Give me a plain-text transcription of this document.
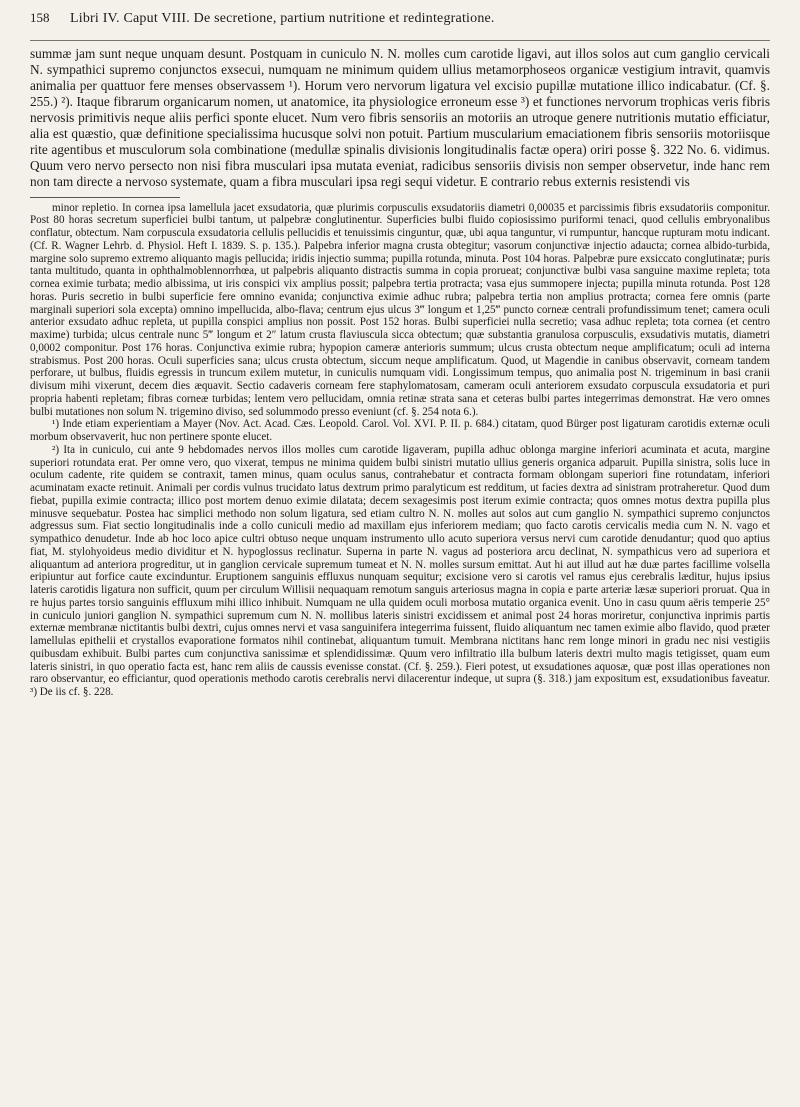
158	Libri IV. Caput VIII. De secretione, partium nutritione et redintegratione.

summæ jam sunt neque unquam desunt. Postquam in cuniculo N. N. molles cum carotide ligavi, aut illos solos aut cum ganglio cervicali N. sympathici supremo conjunctos exsecui, numquam ne minimum quidem ullius metamorphoseos organicæ vestigium intravit, quamvis animalia per quattuor fere menses observassem ¹). Horum vero nervorum ligatura vel excisio pupillæ mutatione illico indicabatur. (Cf. §. 255.) ²). Itaque fibrarum organicarum nomen, ut anatomice, ita physiologice erroneum esse ³) et functiones nervorum trophicas veris fibris nervosis primitivis neque aliis perfici sponte elucet. Num vero fibris sensoriis an motoriis an utroque genere nutritionis mutatio efficiatur, alia est quæstio, quæ definitione specialissima hucusque solvi non potuit. Partium muscularium emaciationem fibris sensoriis motoriisque rite agentibus et musculorum sola combinatione (medullæ spinalis divisionis longitudinalis factæ opera) oriri posse §. 322 No. 6. vidimus. Quum vero nervo persecto non nisi fibra musculari ipsa mutata eveniat, radicibus sensoriis divisis non semper observetur, inde hanc rem non tam directe a nervoso systemate, quam a fibra musculari ipsa regi sequi videtur. E contrario rebus externis resistendi vis

minor repletio. In cornea ipsa lamellula jacet exsudatoria, quæ plurimis corpusculis exsudatoriis diametri 0,00035 et parcissimis fibris exsudatoriis componitur. Post 80 horas secretum superficiei bulbi tantum, ut palpebræ conglutinentur. Superficies bulbi fluido copiosissimo puriformi tenaci, quod cellulis embryonalibus conflatur, obtectum. Nam corpuscula exsudatoria cellulis pellucidis et tenuissimis cinguntur, quæ, ubi aqua tanguntur, vi rumpuntur, hancque rupturam motu indicant. (Cf. R. Wagner Lehrb. d. Physiol. Heft I. 1839. S. p. 135.). Palpebra inferior magna crusta obtegitur; vasorum conjunctivæ injectio adaucta; cornea albido-turbida, margine solo supremo extremo aliquanto magis pellucida; iridis injectio summa; pupilla rotunda, minuta. Post 104 horas. Palpebræ pure exsiccato conglutinatæ; puris tanta multitudo, quanta in ophthalmoblennorrhœa, ut palpebris aliquanto distractis summa in copia prorueat; conjunctivæ bulbi vasa sanguine maxime repleta; tota cornea eximie turbata; medio albissima, ut iris conspici vix amplius possit; palpebra tertia protracta; vasa ejus summopere injecta; pupilla minuta rotunda. Post 128 horas. Puris secretio in bulbi superficie fere omnino evanida; conjunctiva eximie adhuc rubra; palpebra tertia non amplius protracta; cornea fere omnis (parte marginali superiori sola excepta) omnino impellucida, albo-flava; centrum ejus ulcus 3‴ longum et 1,25‴ puncto corneæ centrali profundissimum tenet; camera oculi anterior exsudato adhuc repleta, ut pupilla conspici amplius non possit. Post 152 horas. Bulbi superficiei nulla secretio; vasa adhuc repleta; tota cornea (et centro maxime) turbida; ulcus centrale nunc 5‴ longum et 2″ latum crusta flaviuscula sicca obtectum; quæ substantia granulosa corpusculis, exsudativis mutatis, diametri 0,0002 componitur. Post 176 horas. Conjunctiva eximie rubra; hypopion cameræ anterioris summum; ulcus crusta obtectum neque amplificatum; oculi ad interna strabismus. Post 200 horas. Oculi superficies sana; ulcus crusta obtectum, siccum neque amplificatum. Quod, ut Magendie in canibus observavit, corneam tandem perforare, ut bulbus, fluidis egressis in truncum exilem mutetur, in cuniculis numquam vidi. Longissimum tempus, quo animalia post N. trigeminum in basi cranii divisum mihi vixerunt, decem dies æquavit. Sectio cadaveris corneam fere staphylomatosam, cameram oculi anteriorem exsudato corpuscula exsudatoria et puri propria habenti repletam; fibras corneæ turbidas; lentem vero pellucidam, omnia retinæ strata sana et ceteras bulbi partes integerrimas demonstrat. Hæ vero omnes bulbi mutationes non solum N. trigemino diviso, sed solummodo presso eveniunt (cf. §. 254 nota 6.).

¹) Inde etiam experientiam a Mayer (Nov. Act. Acad. Cæs. Leopold. Carol. Vol. XVI. P. II. p. 684.) citatam, quod Bürger post ligaturam carotidis externæ oculi morbum observaverit, huc non pertinere sponte elucet.

²) Ita in cuniculo, cui ante 9 hebdomades nervos illos molles cum carotide ligaveram, pupilla adhuc oblonga margine inferiori acuminata et acuta, margine superiori rotundata erat. Per omne vero, quo vixerat, tempus ne minima quidem bulbi sinistri mutatio ullius generis organica adparuit. Pupilla sinistra, solis luce in oculum cadente, rite quidem se contraxit, tamen minus, quam oculus sanus, contrahebatur et contracta formam oblongam superiori fine rotundatam, inferiori acuminatam exacte retinuit. Animali per cordis vulnus trucidato latus dextrum primo paralyticum est redditum, ut facies dextra ad sinistram protraheretur. Quod dum fiebat, pupilla eximie contracta; illico post mortem denuo eximie dilatata; decem sexagesimis post iterum eximie contracta; quos omnes motus dextra pupilla plus minusve sequebatur. Postea hac simplici methodo non solum ligatura, sed etiam cultro N. N. molles aut solos aut cum ganglio N. sympathici supremo conjunctos adgressus sum. Fiat sectio longitudinalis inde a collo cuniculi medio ad maxillam ejus inferiorem mediam; quo facto carotis cervicalis media cum N. N. vago et sympathico denudetur. Inde ab hoc loco apice cultri obtuso neque unquam instrumento ullo acuto superiora versus nervi cum carotide denudantur; quod quo aptius fiat, M. stylohyoideus medio dividitur et N. hypoglossus reclinatur. Superna in parte N. vagus ad posteriora arcu declinat, N. sympathicus vero ad superiora et aliquantum ad anteriora progreditur, ut in ganglion cervicale supremum tumeat et N. N. molles sursum emittat. Aut hi aut illud aut hæ duæ partes facillime volsella eripiuntur aut forfice caute excinduntur. Eruptionem sanguinis effluxus nunquam sequitur; excisione vero si carotis vel ramus ejus cerebralis læditur, hujus ipsius lateris carotidis ligatura non sufficit, quum per circulum Willisii nequaquam remotum sanguis arteriosus magna in copia e parte arteriæ læsæ superiori proruat. Qua in re hujus partes torsio sanguinis effluxum mihi illico inhibuit. Numquam ne ulla quidem oculi morbosa mutatio organica evenit. Uno in casu quum aëris temperie 25° in cuniculo juniori ganglion N. sympathici supremum cum N. N. mollibus lateris sinistri excidissem et animal post 24 horas moriretur, conjunctiva inprimis partis externæ membranæ nictitantis bulbi dextri, cujus omnes nervi et vasa sanguinifera integerrima fuissent, fluido aliquantum nec tamen eximie albo flavido, quod præter lamellulas epithelii et crystallos evaporatione formatos nihil continebat, aliquantum tumuit. Membrana nictitans hanc rem longe minori in gradu nec nisi vestigiis quibusdam exhibuit. Bulbi partes cum conjunctiva sanissimæ et splendidissimæ. Quum vero infiltratio illa bulbum lateris dextri multo magis tetigisset, quam eum lateris sinistri, in quo operatio facta est, hanc rem aliis de caussis evenisse constat. (Cf. §. 259.). Fieri potest, ut exsudationes aquosæ, quæ post illas operationes non raro observantur, eo efficiantur, quod operationis methodo carotis cerebralis nervi dilacerentur indeque, ut supra (§. 318.) jam expositum est, exsudationibus faveatur. ³) De iis cf. §. 228.
